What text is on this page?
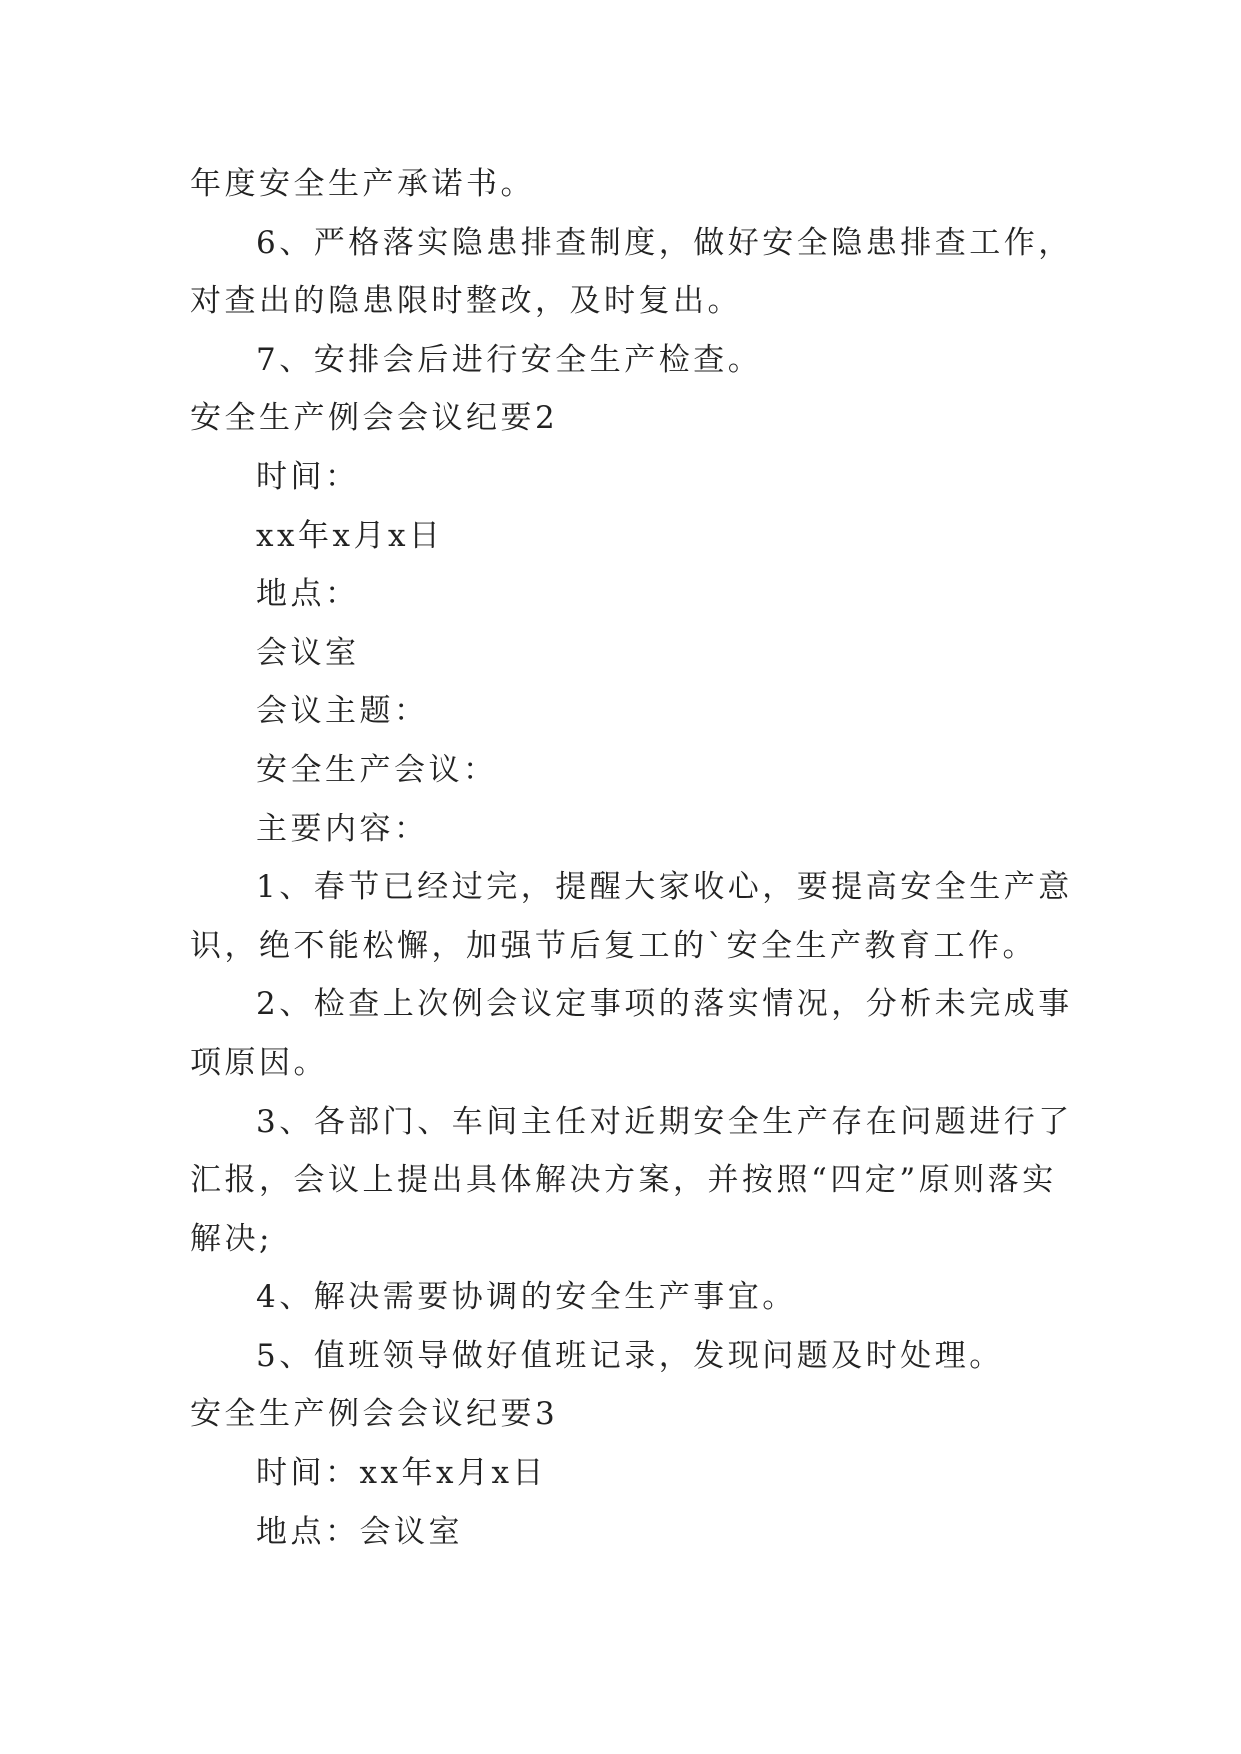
年度安全生产承诺书。

6、严格落实隐患排查制度，做好安全隐患排查工作，

对查出的隐患限时整改，及时复出。

7、安排会后进行安全生产检查。

安全生产例会会议纪要2

时间：

xx年x月x日

地点：

会议室

会议主题：

安全生产会议：

主要内容：

1、春节已经过完，提醒大家收心，要提高安全生产意

识，绝不能松懈，加强节后复工的`安全生产教育工作。

2、检查上次例会议定事项的落实情况，分析未完成事

项原因。

3、各部门、车间主任对近期安全生产存在问题进行了

汇报，会议上提出具体解决方案，并按照“四定”原则落实

解决;

4、解决需要协调的安全生产事宜。

5、值班领导做好值班记录，发现问题及时处理。

安全生产例会会议纪要3

时间：xx年x月x日

地点：会议室
